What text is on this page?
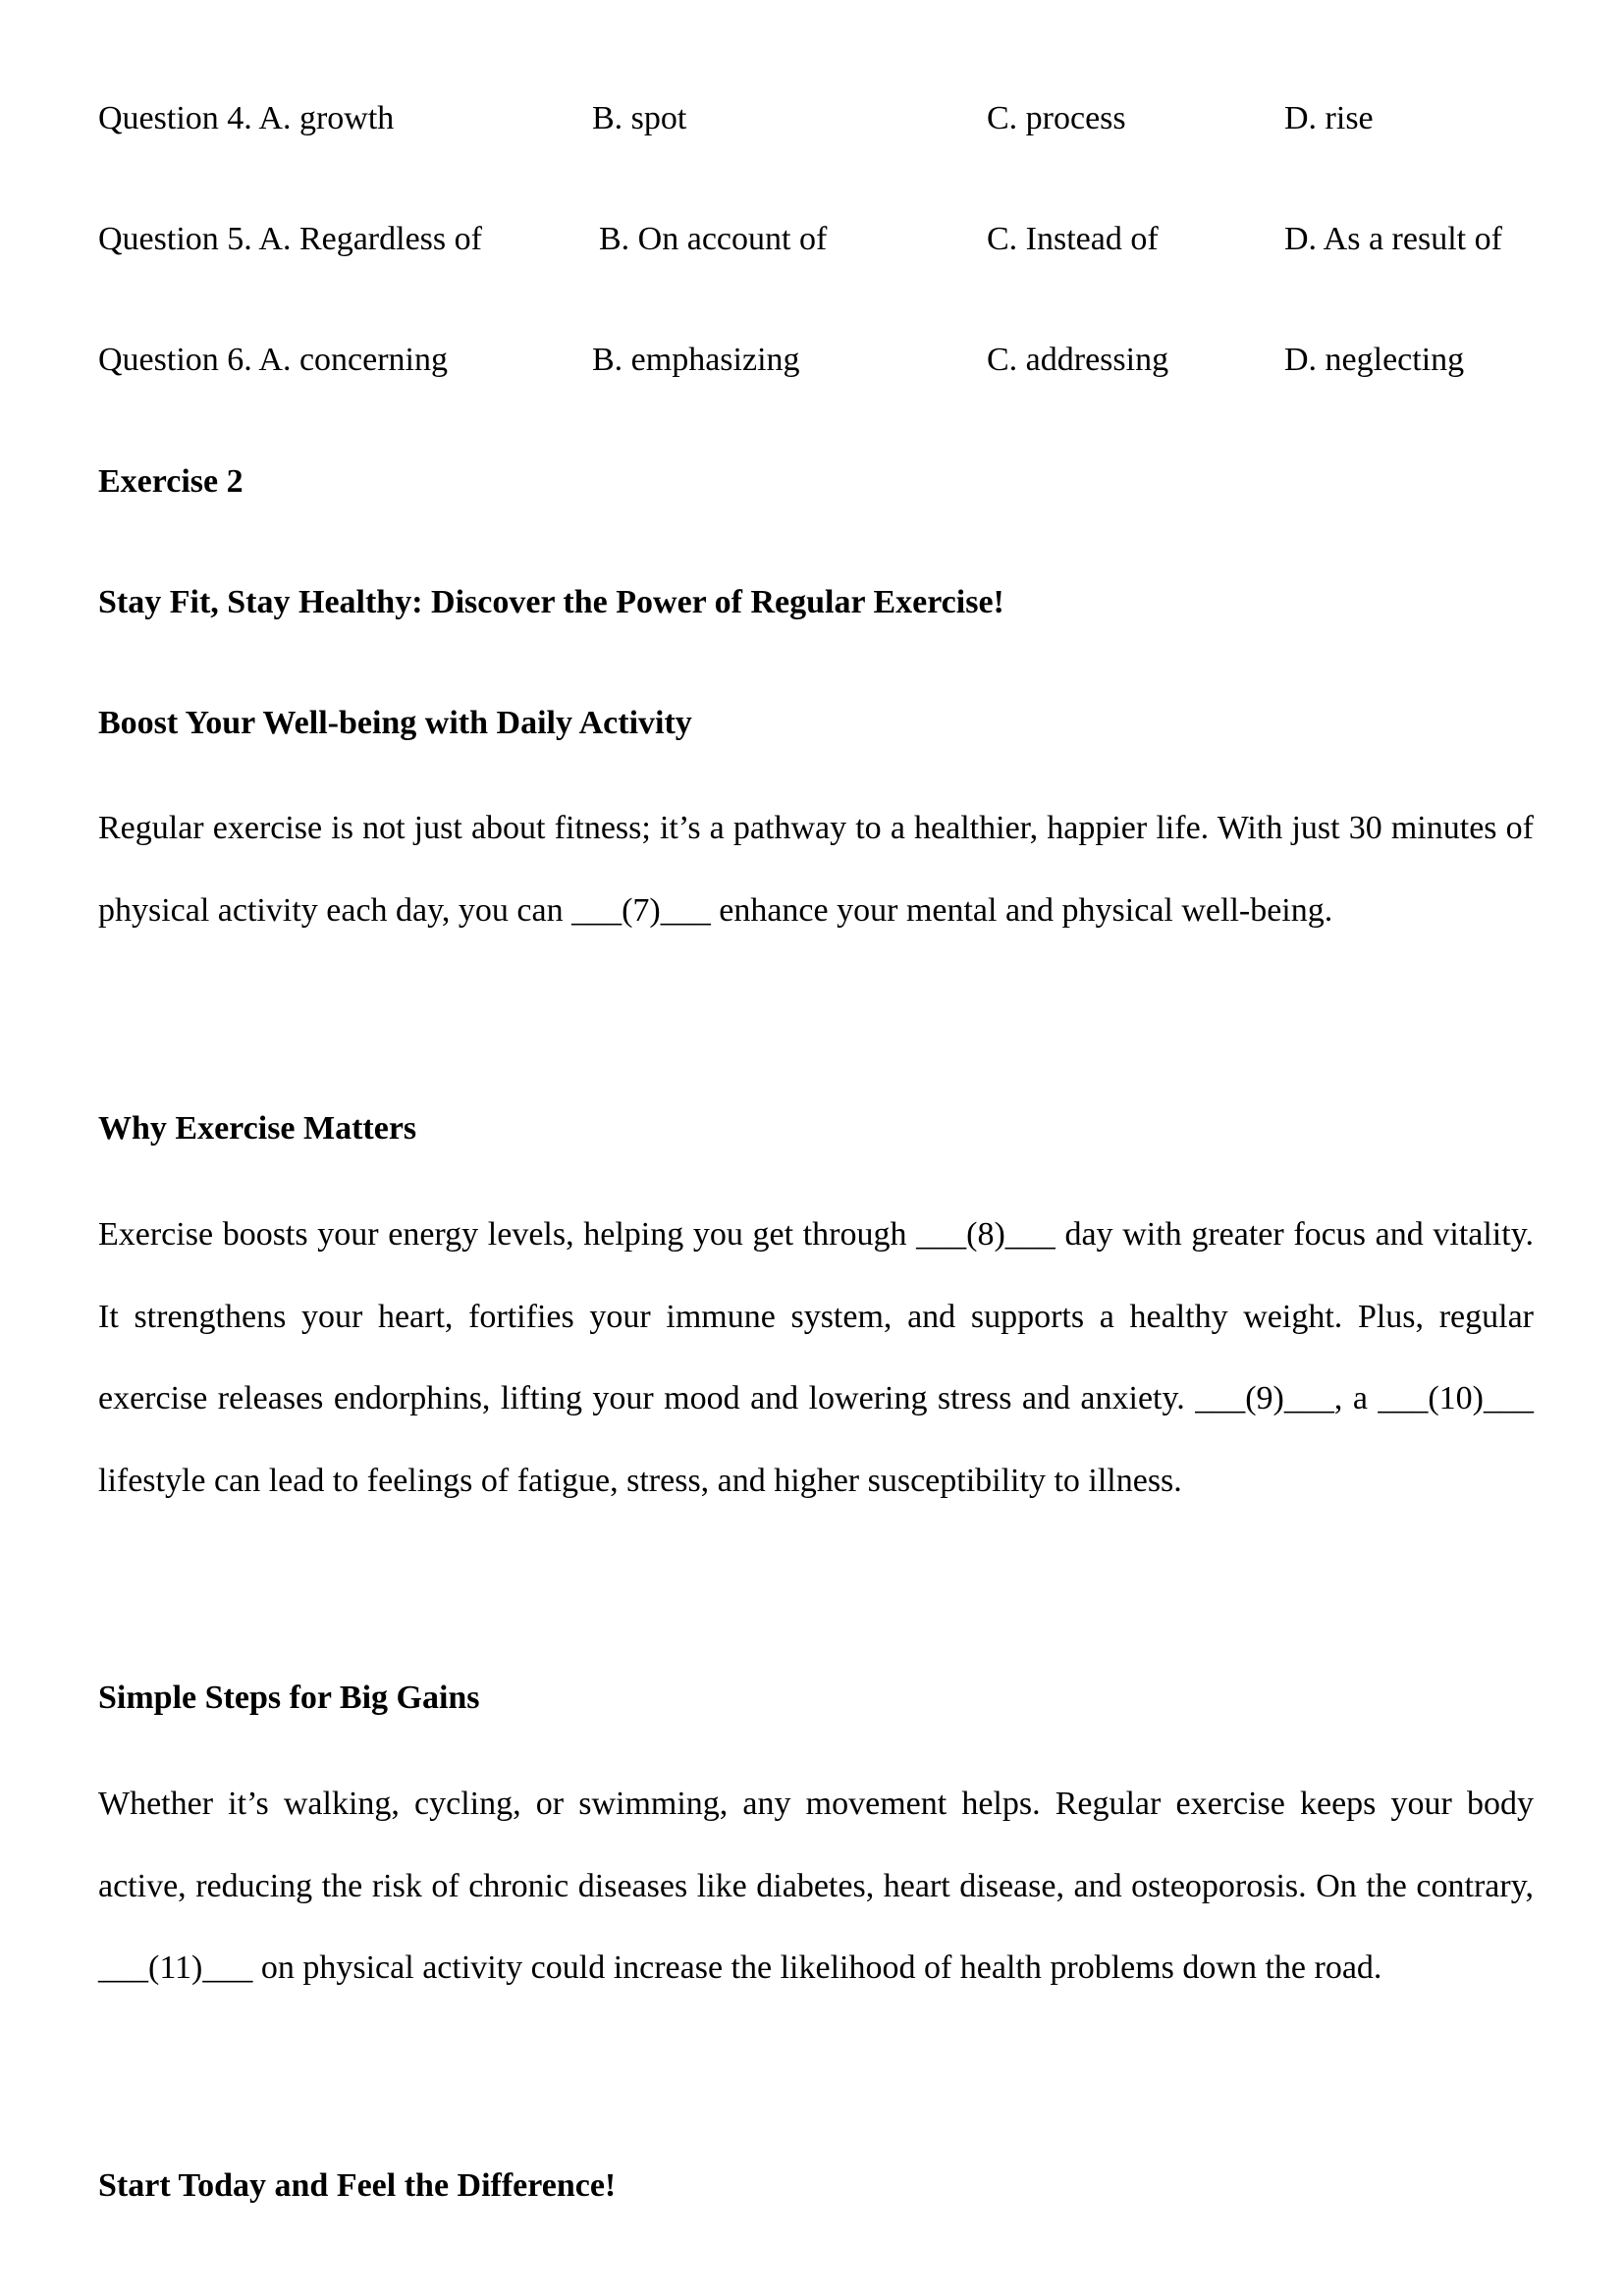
Question 4. A. growth	B. spot	C. process	D. rise
Question 5. A. Regardless of	B. On account of	C. Instead of	D. As a result of
Question 6. A. concerning	B. emphasizing	C. addressing	D. neglecting
Exercise 2
Stay Fit, Stay Healthy: Discover the Power of Regular Exercise!
Boost Your Well-being with Daily Activity

Regular exercise is not just about fitness; it’s a pathway to a healthier, happier life. With just 30 minutes of physical activity each day, you can ___(7)___ enhance your mental and physical well-being.

Why Exercise Matters

Exercise boosts your energy levels, helping you get through ___(8)___ day with greater focus and vitality. It strengthens your heart, fortifies your immune system, and supports a healthy weight. Plus, regular exercise releases endorphins, lifting your mood and lowering stress and anxiety. ___(9)___, a ___(10)___ lifestyle can lead to feelings of fatigue, stress, and higher susceptibility to illness.

Simple Steps for Big Gains

Whether it’s walking, cycling, or swimming, any movement helps. Regular exercise keeps your body active, reducing the risk of chronic diseases like diabetes, heart disease, and osteoporosis. On the contrary, ___(11)___ on physical activity could increase the likelihood of health problems down the road.

Start Today and Feel the Difference!
